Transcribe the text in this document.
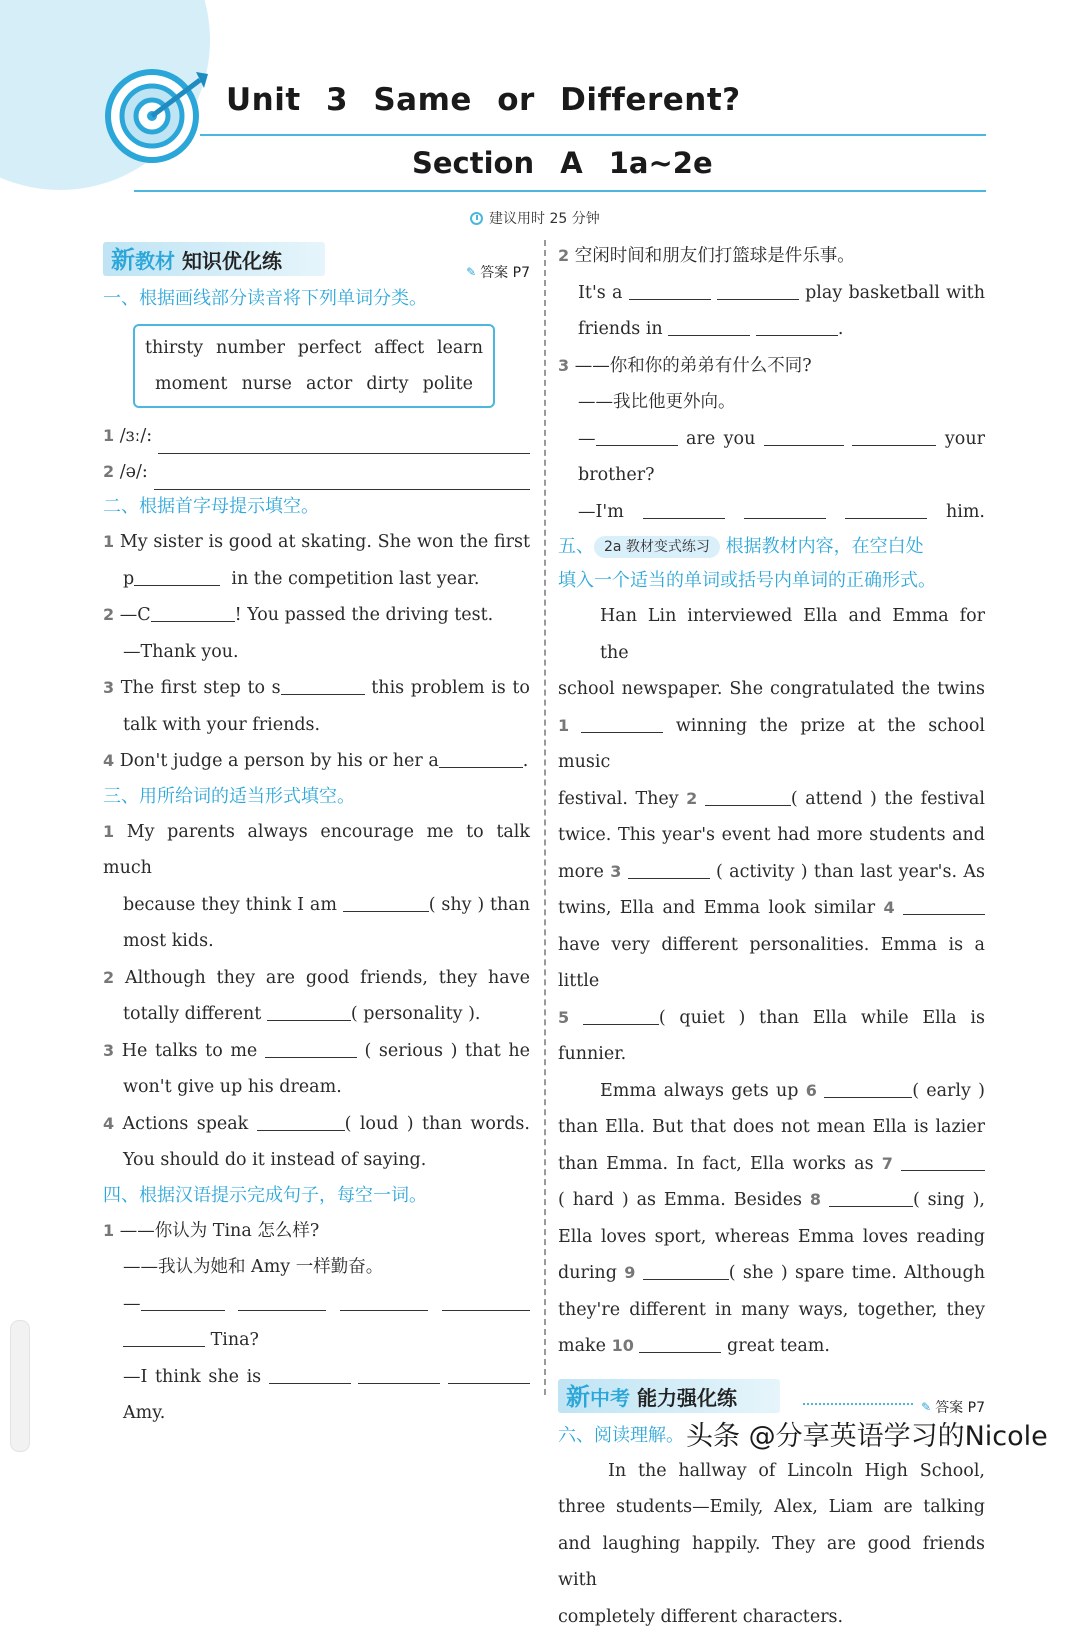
Unit 3 Same or Different?
Section A 1a~2e
建议用时 25 分钟
新教材 知识优化练	✎ 答案 P7
一、根据画线部分读音将下列单词分类。
thirsty number perfect affect learn
moment nurse actor dirty polite
1
/ɜː/:
2
/ə/:
二、根据首字母提示填空。
1 My sister is good at skating. She won the first
p	in the competition last year.
2 —C	! You passed the driving test.
—Thank you.
3 The first step to s	this problem is to
talk with your friends.
4 Don't judge a person by his or her a	.
三、用所给词的适当形式填空。
1 My parents always encourage me to talk much
because they think I am	( shy ) than
most kids.
2 Although they are good friends, they have
totally different	( personality ).
3 He talks to me	( serious ) that he
won't give up his dream.
4 Actions speak	( loud ) than words.
You should do it instead of saying.
四、根据汉语提示完成句子，每空一词。
1 ——你认为 Tina 怎么样?
——我认为她和 Amy 一样勤奋。
—
Tina?
—I think she is
Amy.
2 空闲时间和朋友们打篮球是件乐事。
It's a	play basketball with
friends in	.
3 ——你和你的弟弟有什么不同?
——我比他更外向。
—	are you	your
brother?
—I'm	him.
五、 2a 教材变式练习 根据教材内容，在空白处
填入一个适当的单词或括号内单词的正确形式。
Han Lin interviewed Ella and Emma for the
school newspaper. She congratulated the twins
1	winning the prize at the school music
festival. They 2	( attend ) the festival
twice. This year's event had more students and
more 3	( activity ) than last year's. As
twins, Ella and Emma look similar 4
have very different personalities. Emma is a little
5	( quiet ) than Ella while Ella is funnier.
Emma always gets up 6	( early )
than Ella. But that does not mean Ella is lazier
than Emma. In fact, Ella works as 7
( hard ) as Emma. Besides 8	( sing ),
Ella loves sport, whereas Emma loves reading
during 9	( she ) spare time. Although
they're different in many ways, together, they
make 10	great team.
新中考 能力强化练	✎ 答案 P7
六、阅读理解。
In the hallway of Lincoln High School,
three students—Emily, Alex, Liam are talking
and laughing happily. They are good friends with
completely different characters.
头条 @分享英语学习的Nicole
